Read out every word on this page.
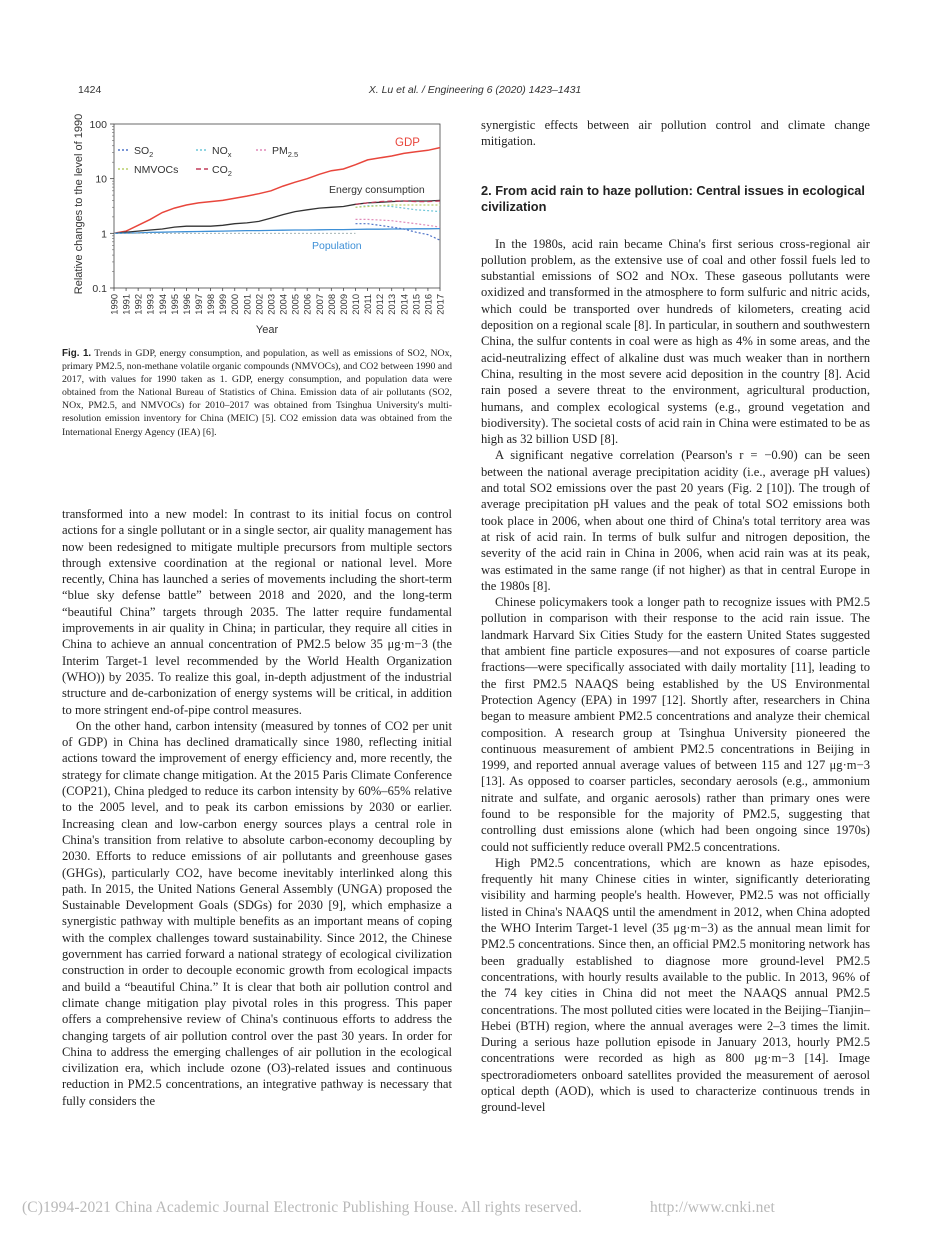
1424	X. Lu et al. / Engineering 6 (2020) 1423–1431
Relative changes to the level of 1990 100
10
1
0.1
1990 1991 1992 1993 1994 1995 1996 1997 1998 1999 2000 2001 2002 2003 2004 2005 2006 2007 2008 2009 2010 2011 2012 2013 2014 2015 2016 2017
$SO_2$	$NO_x$	$PM_{2.5}$
NMVOCs	$CO_2$
GDP
Energy consumption
Population
Year
Fig. 1. Trends in GDP, energy consumption, and population, as well as emissions of SO2, NOx, primary PM2.5, non-methane volatile organic compounds (NMVOCs), and CO2 between 1990 and 2017, with values for 1990 taken as 1. GDP, energy consumption, and population data were obtained from the National Bureau of Statistics of China. Emission data of air pollutants (SO2, NOx, PM2.5, and NMVOCs) for 2010–2017 was obtained from Tsinghua University's multi-resolution emission inventory for China (MEIC) [5]. CO2 emission data was obtained from the International Energy Agency (IEA) [6].

transformed into a new model: In contrast to its initial focus on control actions for a single pollutant or in a single sector, air quality management has now been redesigned to mitigate multiple precursors from multiple sectors through extensive coordination at the regional or national level. More recently, China has launched a series of movements including the short-term “blue sky defense battle” between 2018 and 2020, and the long-term “beautiful China” targets through 2035. The latter require fundamental improvements in air quality in China; in particular, they require all cities in China to achieve an annual concentration of PM2.5 below 35 μg·m−3 (the Interim Target-1 level recommended by the World Health Organization (WHO)) by 2035. To realize this goal, in-depth adjustment of the industrial structure and de-carbonization of energy systems will be critical, in addition to more stringent end-of-pipe control measures.

On the other hand, carbon intensity (measured by tonnes of CO2 per unit of GDP) in China has declined dramatically since 1980, reflecting initial actions toward the improvement of energy efficiency and, more recently, the strategy for climate change mitigation. At the 2015 Paris Climate Conference (COP21), China pledged to reduce its carbon intensity by 60%–65% relative to the 2005 level, and to peak its carbon emissions by 2030 or earlier. Increasing clean and low-carbon energy sources plays a central role in China's transition from relative to absolute carbon-economy decoupling by 2030. Efforts to reduce emissions of air pollutants and greenhouse gases (GHGs), particularly CO2, have become inevitably interlinked along this path. In 2015, the United Nations General Assembly (UNGA) proposed the Sustainable Development Goals (SDGs) for 2030 [9], which emphasize a synergistic pathway with multiple benefits as an important means of coping with the complex challenges toward sustainability. Since 2012, the Chinese government has carried forward a national strategy of ecological civilization construction in order to decouple economic growth from ecological impacts and build a “beautiful China.” It is clear that both air pollution control and climate change mitigation play pivotal roles in this progress. This paper offers a comprehensive review of China's continuous efforts to address the changing targets of air pollution control over the past 30 years. In order for China to address the emerging challenges of air pollution in the ecological civilization era, which include ozone (O3)-related issues and continuous reduction in PM2.5 concentrations, an integrative pathway is necessary that fully considers the

synergistic effects between air pollution control and climate change mitigation.

2. From acid rain to haze pollution: Central issues in ecological civilization

In the 1980s, acid rain became China's first serious cross-regional air pollution problem, as the extensive use of coal and other fossil fuels led to substantial emissions of SO2 and NOx. These gaseous pollutants were oxidized and transformed in the atmosphere to form sulfuric and nitric acids, which could be transported over hundreds of kilometers, creating acid deposition on a regional scale [8]. In particular, in southern and southwestern China, the sulfur contents in coal were as high as 4% in some areas, and the acid-neutralizing effect of alkaline dust was much weaker than in northern China, resulting in the most severe acid deposition in the country [8]. Acid rain posed a severe threat to the environment, agricultural production, humans, and complex ecological systems (e.g., ground vegetation and biodiversity). The societal costs of acid rain in China were estimated to be as high as 32 billion USD [8].

A significant negative correlation (Pearson's r = −0.90) can be seen between the national average precipitation acidity (i.e., average pH values) and total SO2 emissions over the past 20 years (Fig. 2 [10]). The trough of average precipitation pH values and the peak of total SO2 emissions both took place in 2006, when about one third of China's total territory area was at risk of acid rain. In terms of bulk sulfur and nitrogen deposition, the severity of the acid rain in China in 2006, when acid rain was at its peak, was estimated in the same range (if not higher) as that in central Europe in the 1980s [8].

Chinese policymakers took a longer path to recognize issues with PM2.5 pollution in comparison with their response to the acid rain issue. The landmark Harvard Six Cities Study for the eastern United States suggested that ambient fine particle exposures—and not exposures of coarse particle fractions—were specifically associated with daily mortality [11], leading to the first PM2.5 NAAQS being established by the US Environmental Protection Agency (EPA) in 1997 [12]. Shortly after, researchers in China began to measure ambient PM2.5 concentrations and analyze their chemical composition. A research group at Tsinghua University pioneered the continuous measurement of ambient PM2.5 concentrations in Beijing in 1999, and reported annual average values of between 115 and 127 μg·m−3 [13]. As opposed to coarser particles, secondary aerosols (e.g., ammonium nitrate and sulfate, and organic aerosols) rather than primary ones were found to be responsible for the majority of PM2.5, suggesting that controlling dust emissions alone (which had been ongoing since 1970s) could not sufficiently reduce overall PM2.5 concentrations.

High PM2.5 concentrations, which are known as haze episodes, frequently hit many Chinese cities in winter, significantly deteriorating visibility and harming people's health. However, PM2.5 was not officially listed in China's NAAQS until the amendment in 2012, when China adopted the WHO Interim Target-1 level (35 μg·m−3) as the annual mean limit for PM2.5 concentrations. Since then, an official PM2.5 monitoring network has been gradually established to diagnose more ground-level PM2.5 concentrations, with hourly results available to the public. In 2013, 96% of the 74 key cities in China did not meet the NAAQS annual PM2.5 concentrations. The most polluted cities were located in the Beijing–Tianjin–Hebei (BTH) region, where the annual averages were 2–3 times the limit. During a serious haze pollution episode in January 2013, hourly PM2.5 concentrations were recorded as high as 800 μg·m−3 [14]. Image spectroradiometers onboard satellites provided the measurement of aerosol optical depth (AOD), which is used to characterize continuous trends in ground-level

(C)1994-2021 China Academic Journal Electronic Publishing House. All rights reserved.	http://www.cnki.net
